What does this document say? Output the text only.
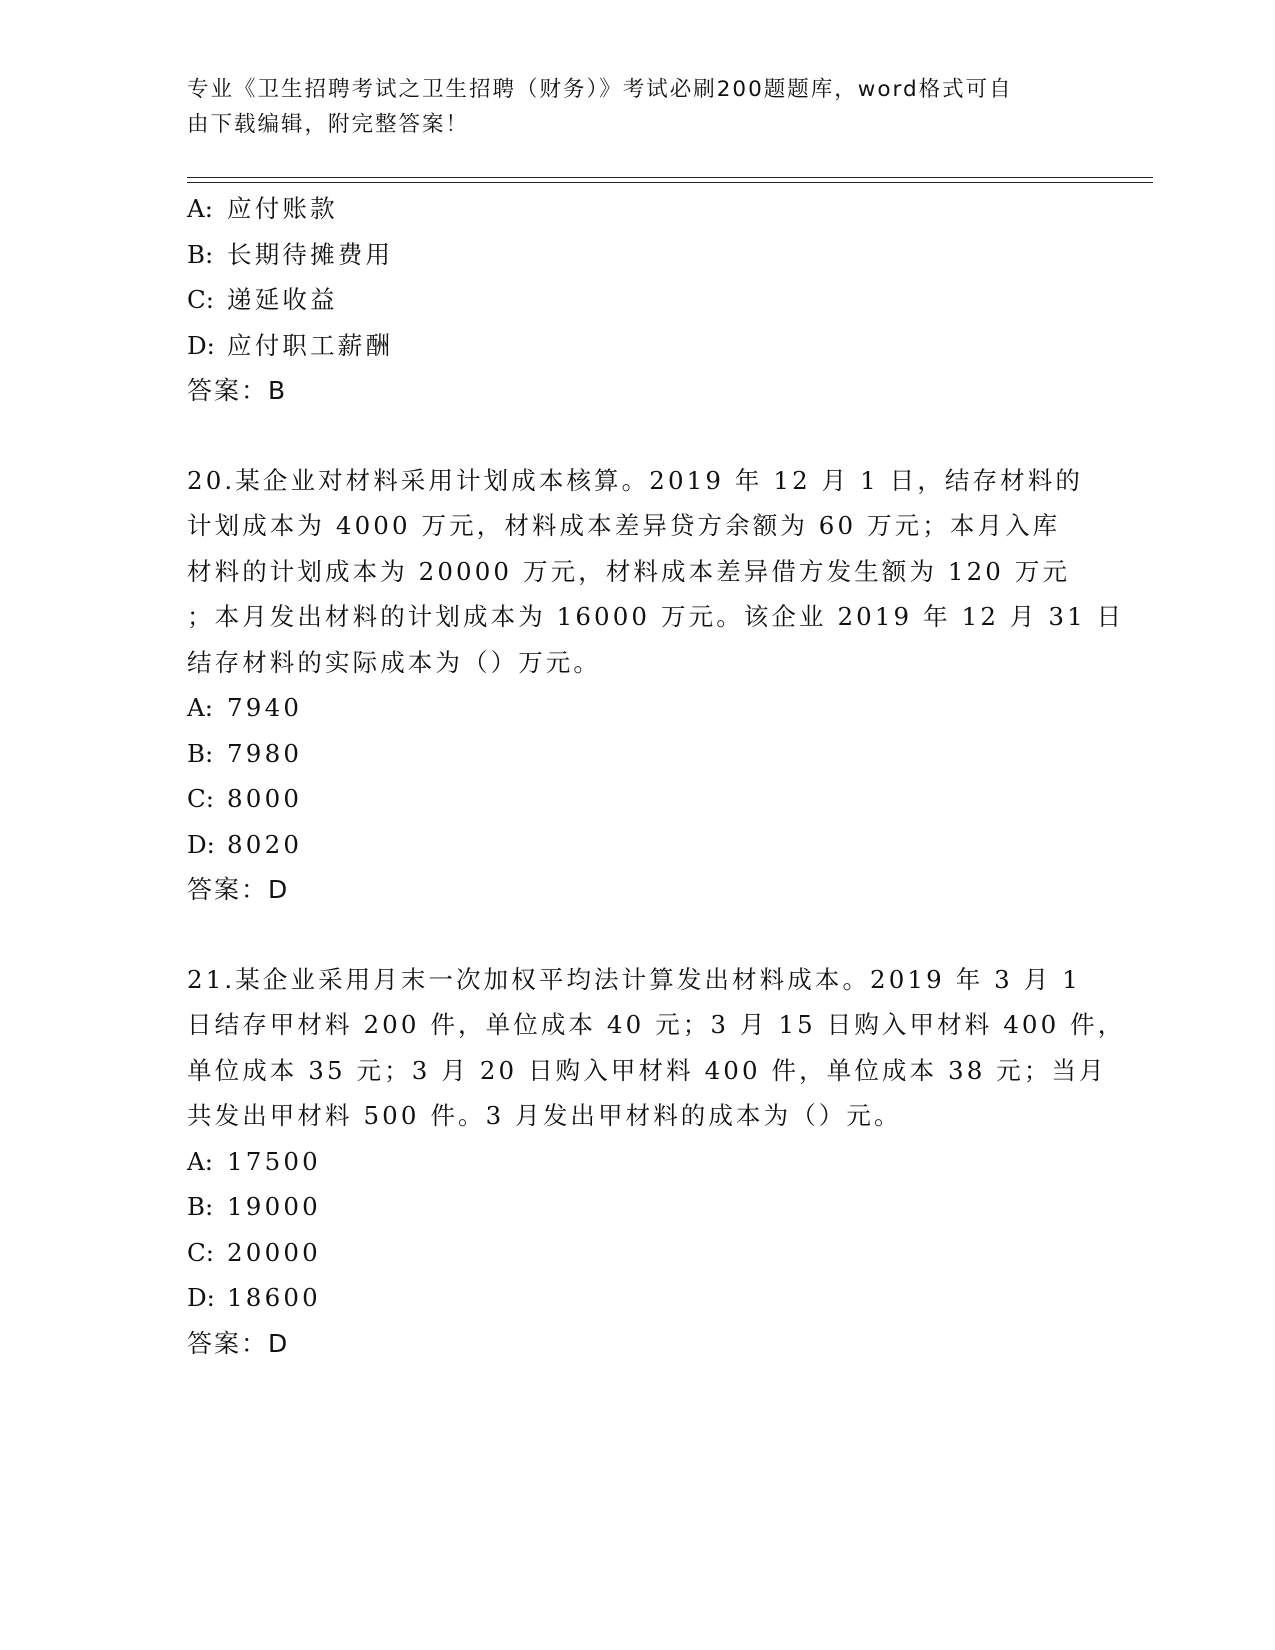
专业《卫生招聘考试之卫生招聘（财务）》考试必刷200题题库，word格式可自
由下载编辑，附完整答案！
A: 应付账款
B: 长期待摊费用
C: 递延收益
D: 应付职工薪酬
答案：B
20.某企业对材料采用计划成本核算。2019 年 12 月 1 日，结存材料的
计划成本为 4000 万元，材料成本差异贷方余额为 60 万元；本月入库
材料的计划成本为 20000 万元，材料成本差异借方发生额为 120 万元
；本月发出材料的计划成本为 16000 万元。该企业 2019 年 12 月 31 日
结存材料的实际成本为（）万元。
A: 7940
B: 7980
C: 8000
D: 8020
答案：D
21.某企业采用月末一次加权平均法计算发出材料成本。2019 年 3 月 1
日结存甲材料 200 件，单位成本 40 元；3 月 15 日购入甲材料 400 件，
单位成本 35 元；3 月 20 日购入甲材料 400 件，单位成本 38 元；当月
共发出甲材料 500 件。3 月发出甲材料的成本为（）元。
A: 17500
B: 19000
C: 20000
D: 18600
答案：D
